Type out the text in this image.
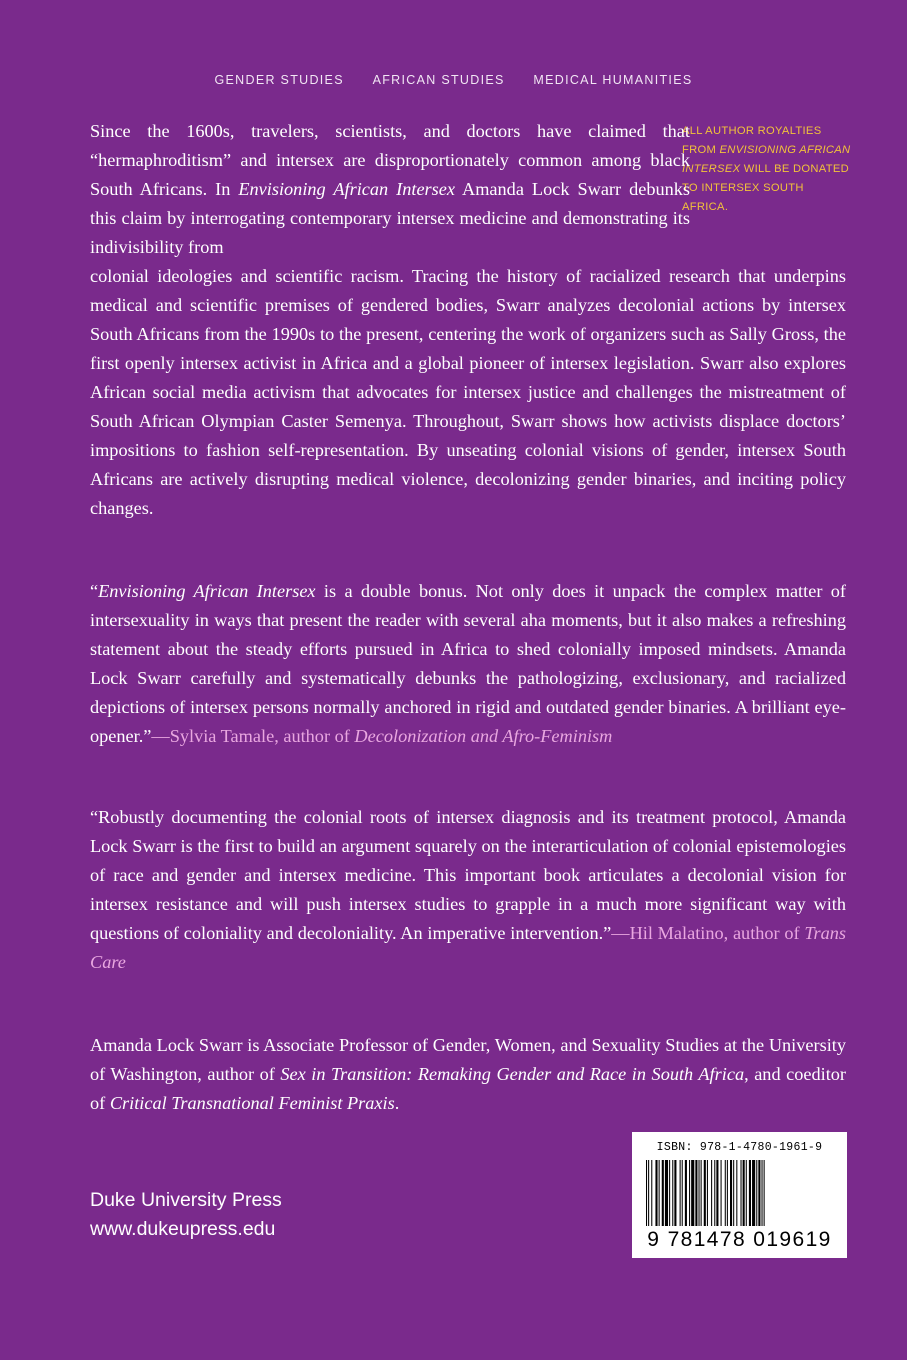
GENDER STUDIES AFRICAN STUDIES MEDICAL HUMANITIES
ALL AUTHOR ROYALTIES FROM ENVISIONING AFRICAN INTERSEX WILL BE DONATED TO INTERSEX SOUTH AFRICA.
Since the 1600s, travelers, scientists, and doctors have claimed that “hermaphroditism” and intersex are disproportionately common among black South Africans. In Envisioning African Intersex Amanda Lock Swarr debunks this claim by interrogating contemporary intersex medicine and demonstrating its indivisibility from
colonial ideologies and scientific racism. Tracing the history of racialized research that underpins medical and scientific premises of gendered bodies, Swarr analyzes decolonial actions by intersex South Africans from the 1990s to the present, centering the work of organizers such as Sally Gross, the first openly intersex activist in Africa and a global pioneer of intersex legislation. Swarr also explores African social media activism that advocates for intersex justice and challenges the mistreatment of South African Olympian Caster Semenya. Throughout, Swarr shows how activists displace doctors’ impositions to fashion self-representation. By unseating colonial visions of gender, intersex South Africans are actively disrupting medical violence, decolonizing gender binaries, and inciting policy changes.
“Envisioning African Intersex is a double bonus. Not only does it unpack the complex matter of intersexuality in ways that present the reader with several aha moments, but it also makes a refreshing statement about the steady efforts pursued in Africa to shed colonially imposed mindsets. Amanda Lock Swarr carefully and systematically debunks the pathologizing, exclusionary, and racialized depictions of intersex persons normally anchored in rigid and outdated gender binaries. A brilliant eye-opener.”—Sylvia Tamale, author of Decolonization and Afro-Feminism
“Robustly documenting the colonial roots of intersex diagnosis and its treatment protocol, Amanda Lock Swarr is the first to build an argument squarely on the interarticulation of colonial epistemologies of race and gender and intersex medicine. This important book articulates a decolonial vision for intersex resistance and will push intersex studies to grapple in a much more significant way with questions of coloniality and decoloniality. An imperative intervention.”—Hil Malatino, author of Trans Care
Amanda Lock Swarr is Associate Professor of Gender, Women, and Sexuality Studies at the University of Washington, author of Sex in Transition: Remaking Gender and Race in South Africa, and coeditor of Critical Transnational Feminist Praxis.
Duke University Press
www.dukeupress.edu
ISBN: 978-1-4780-1961-9
9 781478 019619
